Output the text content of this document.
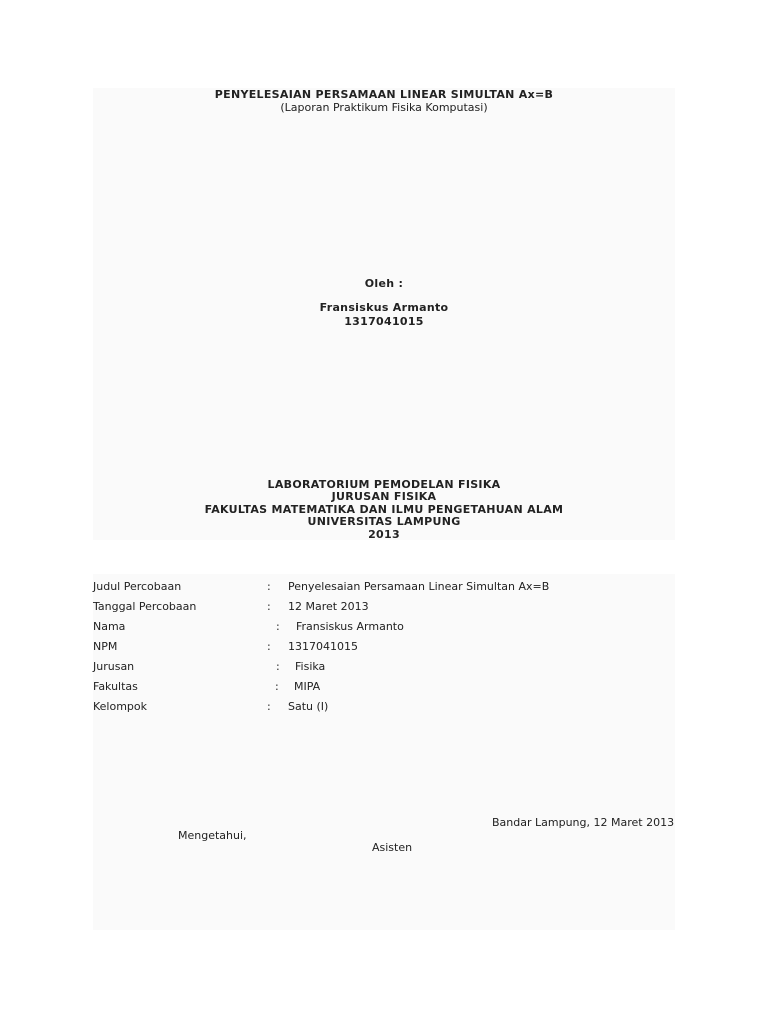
PENYELESAIAN PERSAMAAN LINEAR SIMULTAN Ax=B
(Laporan Praktikum Fisika Komputasi)
Oleh :
Fransiskus Armanto
1317041015
LABORATORIUM PEMODELAN FISIKA
JURUSAN FISIKA
FAKULTAS MATEMATIKA DAN ILMU PENGETAHUAN ALAM
UNIVERSITAS LAMPUNG
2013
Judul Percobaan	: Penyelesaian Persamaan Linear Simultan Ax=B
Tanggal Percobaan	: 12 Maret 2013
Nama	: Fransiskus Armanto
NPM	: 1317041015
Jurusan	: Fisika
Fakultas	: MIPA
Kelompok	: Satu (I)
Bandar Lampung, 12 Maret 2013
Mengetahui,
Asisten
